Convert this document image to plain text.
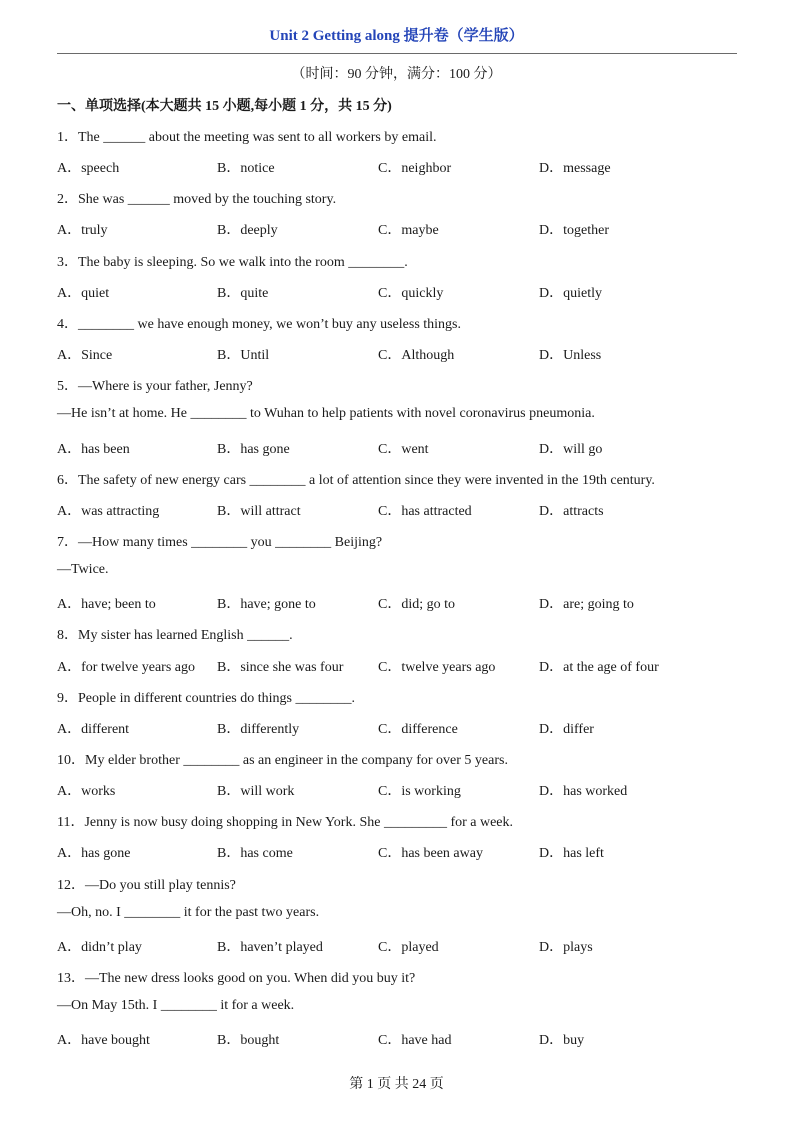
Unit 2 Getting along 提升卷（学生版）
（时间：90 分钟，满分：100 分）
一、单项选择(本大题共 15 小题,每小题 1 分，共 15 分)
1．The ______ about the meeting was sent to all workers by email.
A．speech	B．notice	C．neighbor	D．message
2．She was ______ moved by the touching story.
A．truly	B．deeply	C．maybe	D．together
3．The baby is sleeping. So we walk into the room ________.
A．quiet	B．quite	C．quickly	D．quietly
4．________ we have enough money, we won’t buy any useless things.
A．Since	B．Until	C．Although	D．Unless
5．—Where is your father, Jenny?
—He isn’t at home. He ________ to Wuhan to help patients with novel coronavirus pneumonia.
A．has been	B．has gone	C．went	D．will go
6．The safety of new energy cars ________ a lot of attention since they were invented in the 19th century.
A．was attracting	B．will attract	C．has attracted	D．attracts
7．—How many times ________ you ________ Beijing?
—Twice.
A．have; been to	B．have; gone to	C．did; go to	D．are; going to
8．My sister has learned English ______.
A．for twelve years ago B．since she was four C．twelve years ago	D．at the age of four
9．People in different countries do things ________.
A．different	B．differently	C．difference	D．differ
10．My elder brother ________ as an engineer in the company for over 5 years.
A．works	B．will work	C．is working	D．has worked
11．Jenny is now busy doing shopping in New York. She _________ for a week.
A．has gone	B．has come	C．has been away	D．has left
12．—Do you still play tennis?
—Oh, no. I ________ it for the past two years.
A．didn’t play	B．haven’t played	C．played	D．plays
13．—The new dress looks good on you. When did you buy it?
—On May 15th. I ________ it for a week.
A．have bought	B．bought	C．have had	D．buy
第 1 页 共 24 页
